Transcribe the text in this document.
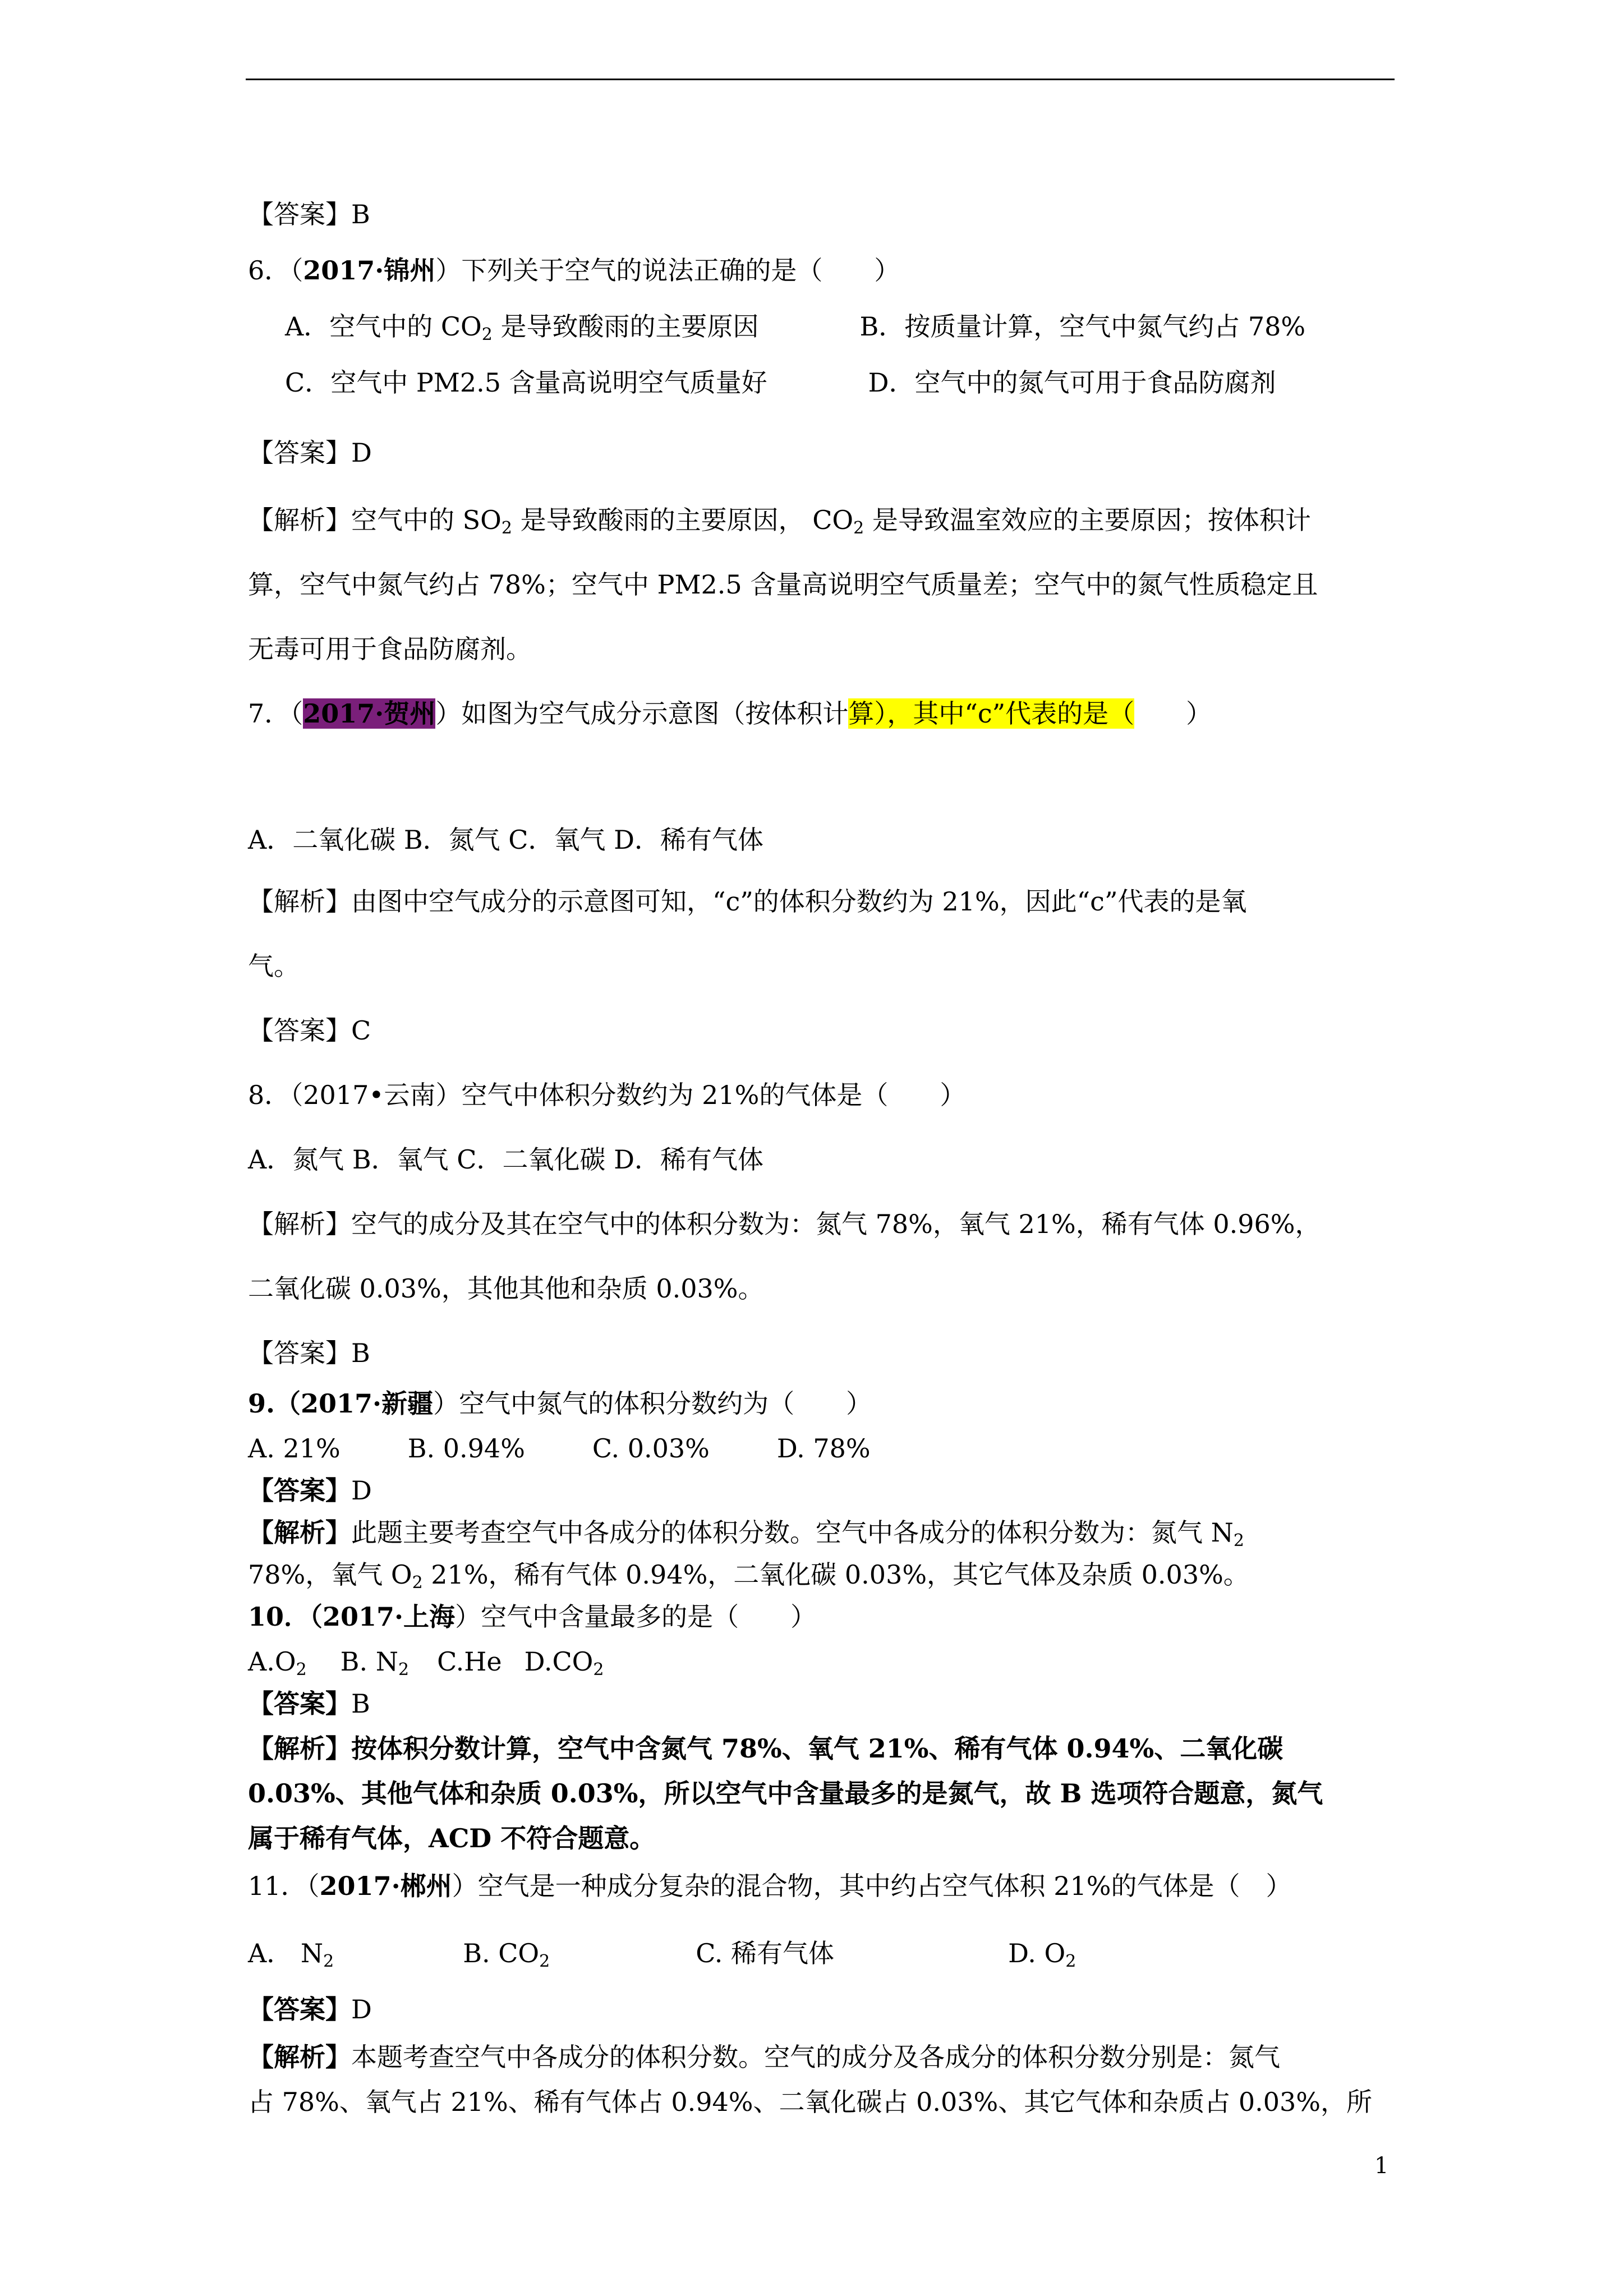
【答案】B
6．（2017·锦州）下列关于空气的说法正确的是（　　）
A．空气中的 $CO_2$ 是导致酸雨的主要原因	B．按质量计算，空气中氮气约占 78%
C．空气中 PM2.5 含量高说明空气质量好	D．空气中的氮气可用于食品防腐剂
【答案】D
【解析】空气中的 $SO_2$ 是导致酸雨的主要原因， $CO_2$ 是导致温室效应的主要原因；按体积计
算，空气中氮气约占 78%；空气中 PM2.5 含量高说明空气质量差；空气中的氮气性质稳定且
无毒可用于食品防腐剂。
7．（2017·贺州）如图为空气成分示意图（按体积计算），其中“c”代表的是（　　）
A．二氧化碳 B．氮气 C．氧气 D．稀有气体
【解析】由图中空气成分的示意图可知，“c”的体积分数约为 21%，因此“c”代表的是氧
气。
【答案】C
8．（2017•云南）空气中体积分数约为 21%的气体是（　　）
A．氮气 B．氧气 C．二氧化碳 D．稀有气体
【解析】空气的成分及其在空气中的体积分数为：氮气 78%，氧气 21%，稀有气体 0.96%，
二氧化碳 0.03%，其他其他和杂质 0.03%。
【答案】B
9.（2017·新疆）空气中氮气的体积分数约为（　　）
A. 21%	B. 0.94%	C. 0.03%	D. 78%
【答案】D
【解析】此题主要考查空气中各成分的体积分数。空气中各成分的体积分数为：氮气 $N_2$
78%，氧气 $O_2$ 21%，稀有气体 0.94%，二氧化碳 0.03%，其它气体及杂质 0.03%。
10．（2017·上海）空气中含量最多的是（　　）
$A.O_2$ B. $N_2$ C.He $D.CO_2$
【答案】B
【解析】按体积分数计算，空气中含氮气 78%、氧气 21%、稀有气体 0.94%、二氧化碳
0.03%、其他气体和杂质 0.03%，所以空气中含量最多的是氮气，故 B 选项符合题意，氮气
属于稀有气体，ACD 不符合题意。
11．（2017·郴州）空气是一种成分复杂的混合物，其中约占空气体积 21%的气体是（　）
A． $N_2$	B. $CO_2$	C. 稀有气体	D. $O_2$
【答案】D
【解析】本题考查空气中各成分的体积分数。空气的成分及各成分的体积分数分别是：氮气
占 78%、氧气占 21%、稀有气体占 0.94%、二氧化碳占 0.03%、其它气体和杂质占 0.03%，所
1
